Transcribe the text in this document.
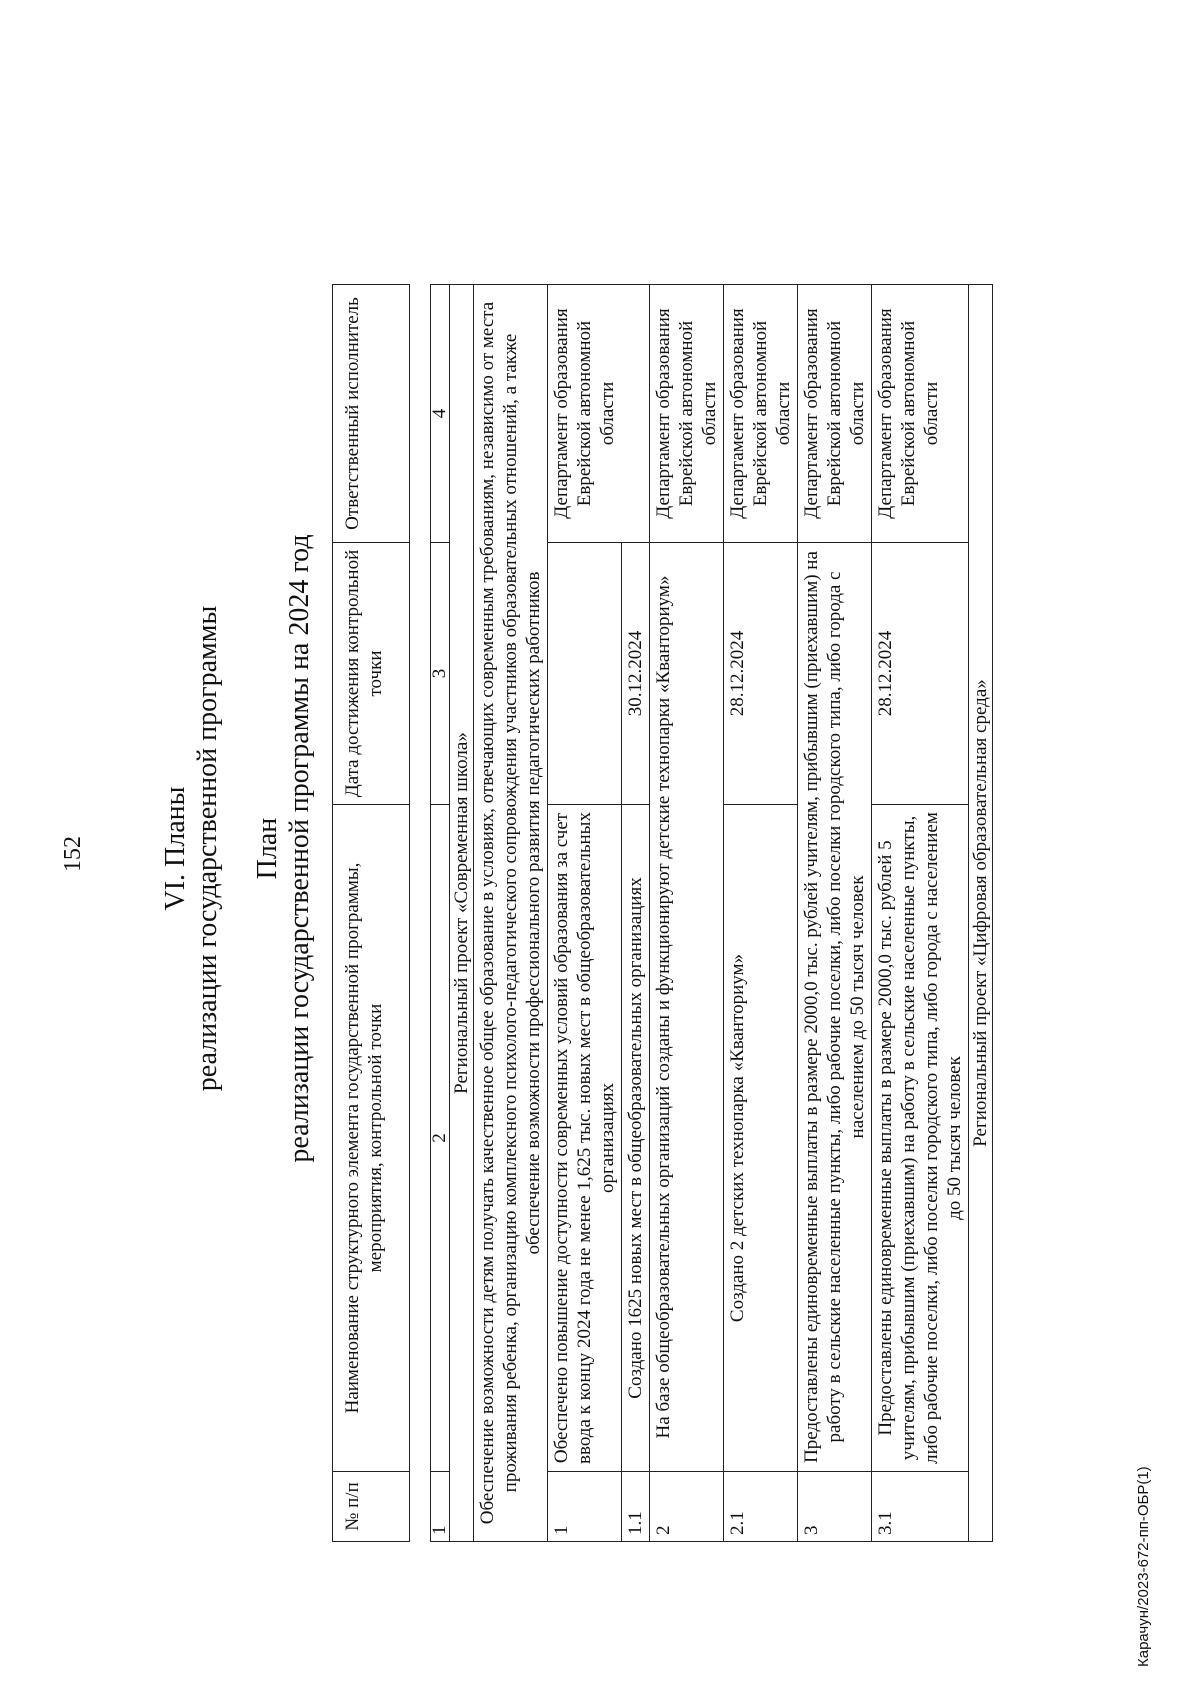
152	VI. Планы реализации государственной программы План реализации государственной программы на 2024 год
№ п/п	Наименование структурного элемента государственной программы, мероприятия, контрольной точки	Дата достижения контрольной точки	Ответственный исполнитель
1	2	3	4
Региональный проект «Современная школа»			
Обеспечение возможности детям получать качественное общее образование в условиях, отвечающих современным требованиям, независимо от места проживания ребенка, организацию комплексного психолого-педагогического сопровождения участников образовательных отношений, а также обеспечение возможности профессионального развития педагогических работников			
1	Обеспечено повышение доступности современных условий образования за счет ввода к концу 2024 года не менее 1,625 тыс. новых мест в общеобразовательных организациях		Департамент образования Еврейской автономной области
1.1	Создано 1625 новых мест в общеобразовательных организациях	30.12.2024	
2	На базе общеобразовательных организаций созданы и функционируют детские технопарки «Кванториум»		Департамент образования Еврейской автономной области
2.1	Создано 2 детских технопарка «Кванториум»	28.12.2024	Департамент образования Еврейской автономной области
3	Предоставлены единовременные выплаты в размере 2000,0 тыс. рублей учителям, прибывшим (приехавшим) на работу в сельские населенные пункты, либо рабочие поселки, либо поселки городского типа, либо города с населением до 50 тысяч человек		Департамент образования Еврейской автономной области
3.1	Предоставлены единовременные выплаты в размере 2000,0 тыс. рублей 5 учителям, прибывшим (приехавшим) на работу в сельские населенные пункты, либо рабочие поселки, либо поселки городского типа, либо города с населением до 50 тысяч человек	28.12.2024	Департамент образования Еврейской автономной области
Региональный проект «Цифровая образовательная среда»			
Карачун/2023-672-пп-ОБР(1)
